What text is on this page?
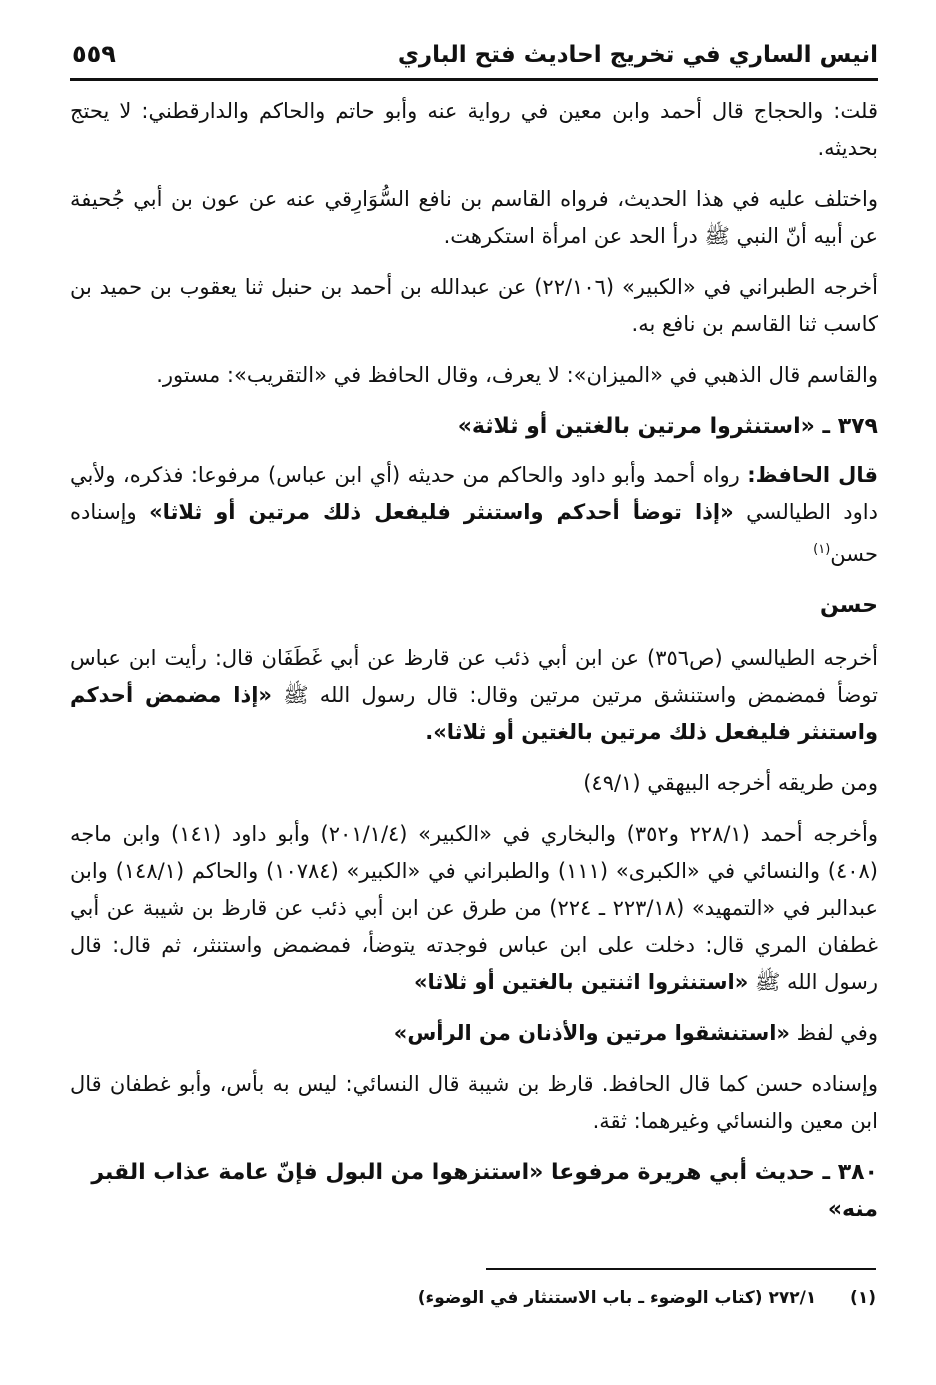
انيس الساري في تخريج احاديث فتح الباري
٥٥٩

قلت: والحجاج قال أحمد وابن معين في رواية عنه وأبو حاتم والحاكم والدارقطني: لا يحتج بحديثه.

واختلف عليه في هذا الحديث، فرواه القاسم بن نافع السُّوَارِقي عنه عن عون بن أبي جُحيفة عن أبيه أنّ النبي ﷺ درأ الحد عن امرأة استكرهت.

أخرجه الطبراني في «الكبير» (٢٢/١٠٦) عن عبدالله بن أحمد بن حنبل ثنا يعقوب بن حميد بن كاسب ثنا القاسم بن نافع به.

والقاسم قال الذهبي في «الميزان»: لا يعرف، وقال الحافظ في «التقريب»: مستور.

٣٧٩ ـ «استنثروا مرتين بالغتين أو ثلاثة»

قال الحافظ: رواه أحمد وأبو داود والحاكم من حديثه (أي ابن عباس) مرفوعا: فذكره، ولأبي داود الطيالسي «إذا توضأ أحدكم واستنثر فليفعل ذلك مرتين أو ثلاثا» وإسناده حسن$^{(١)}$

حسن

أخرجه الطيالسي (ص٣٥٦) عن ابن أبي ذئب عن قارظ عن أبي غَطَفَان قال: رأيت ابن عباس توضأ فمضمض واستنشق مرتين مرتين وقال: قال رسول الله ﷺ «إذا مضمض أحدكم واستنثر فليفعل ذلك مرتين بالغتين أو ثلاثا».

ومن طريقه أخرجه البيهقي (٤٩/١)

وأخرجه أحمد (٢٢٨/١ و٣٥٢) والبخاري في «الكبير» (٢٠١/١/٤) وأبو داود (١٤١) وابن ماجه (٤٠٨) والنسائي في «الكبرى» (١١١) والطبراني في «الكبير» (١٠٧٨٤) والحاكم (١٤٨/١) وابن عبدالبر في «التمهيد» (٢٢٣/١٨ ـ ٢٢٤) من طرق عن ابن أبي ذئب عن قارظ بن شيبة عن أبي غطفان المري قال: دخلت على ابن عباس فوجدته يتوضأ، فمضمض واستنثر، ثم قال: قال رسول الله ﷺ «استنثروا اثنتين بالغتين أو ثلاثا»

وفي لفظ «استنشقوا مرتين والأذنان من الرأس»

وإسناده حسن كما قال الحافظ. قارظ بن شيبة قال النسائي: ليس به بأس، وأبو غطفان قال ابن معين والنسائي وغيرهما: ثقة.

٣٨٠ ـ حديث أبي هريرة مرفوعا «استنزهوا من البول فإنّ عامة عذاب القبر منه»
(١)  ٢٧٢/١ (كتاب الوضوء ـ باب الاستنثار في الوضوء)
